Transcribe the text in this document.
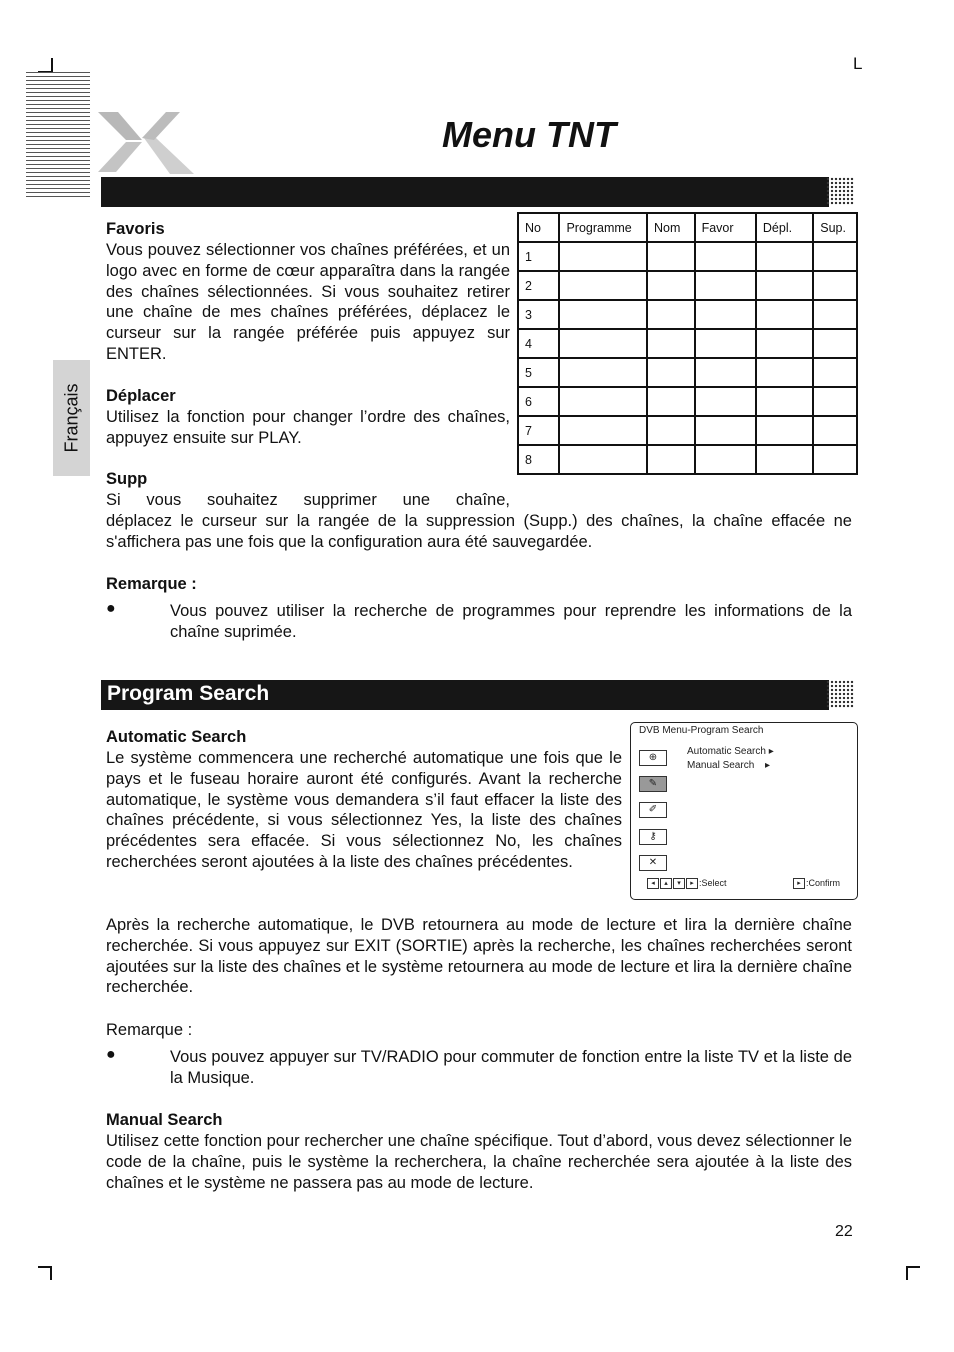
L
Menu TNT
Français

Favoris

Vous pouvez sélectionner vos chaînes préférées, et un logo avec en forme de cœur apparaîtra dans la rangée des chaînes sélectionnées. Si vous souhaitez retirer une chaîne de mes chaînes préférées, déplacez le curseur sur la rangée préférée puis appuyez sur ENTER.

Déplacer

Utilisez la fonction pour changer l’ordre des chaînes, appuyez ensuite sur PLAY.

Supp

Si vous souhaitez supprimer une chaîne,

déplacez le curseur sur la rangée de la suppression (Supp.) des chaînes, la chaîne effacée ne s'affichera pas une fois que la configuration aura été sauvegardée.

Remarque :

●	Vous pouvez utiliser la recherche de programmes pour reprendre les informations de la chaîne suprimée.

No	Programme	Nom	Favor	Dépl.	Sup.
1					
2					
3					
4					
5					
6					
7					
8					
Program Search

Automatic Search

Le système commencera une recherché automatique une fois que le pays et le fuseau horaire auront été configurés. Avant la recherche automatique, le système vous demandera s’il faut effacer la liste des chaînes précédente, si vous sélectionnez Yes, la liste des chaînes précédentes sera effacée. Si vous sélectionnez No, les chaînes recherchées seront ajoutées à la liste des chaînes précédentes.

DVB Menu-Program Search
⊕
✎
✐
⚷
✕
Automatic Search ▸
Manual Search ▸
◂ ▴ ▾ ▸ :Select	▸ :Confirm

Après la recherche automatique, le DVB retournera au mode de lecture et lira la dernière chaîne recherchée. Si vous appuyez sur EXIT (SORTIE) après la recherche, les chaînes recherchées seront ajoutées sur la liste des chaînes et le système retournera au mode de lecture et lira la dernière chaîne recherchée.

Remarque :

●	Vous pouvez appuyer sur TV/RADIO pour commuter de fonction entre la liste TV et la liste de la Musique.

Manual Search

Utilisez cette fonction pour rechercher une chaîne spécifique. Tout d’abord, vous devez sélectionner le code de la chaîne, puis le système la recherchera, la chaîne recherchée sera ajoutée à la liste des chaînes et le système ne passera pas au mode de lecture.

22
